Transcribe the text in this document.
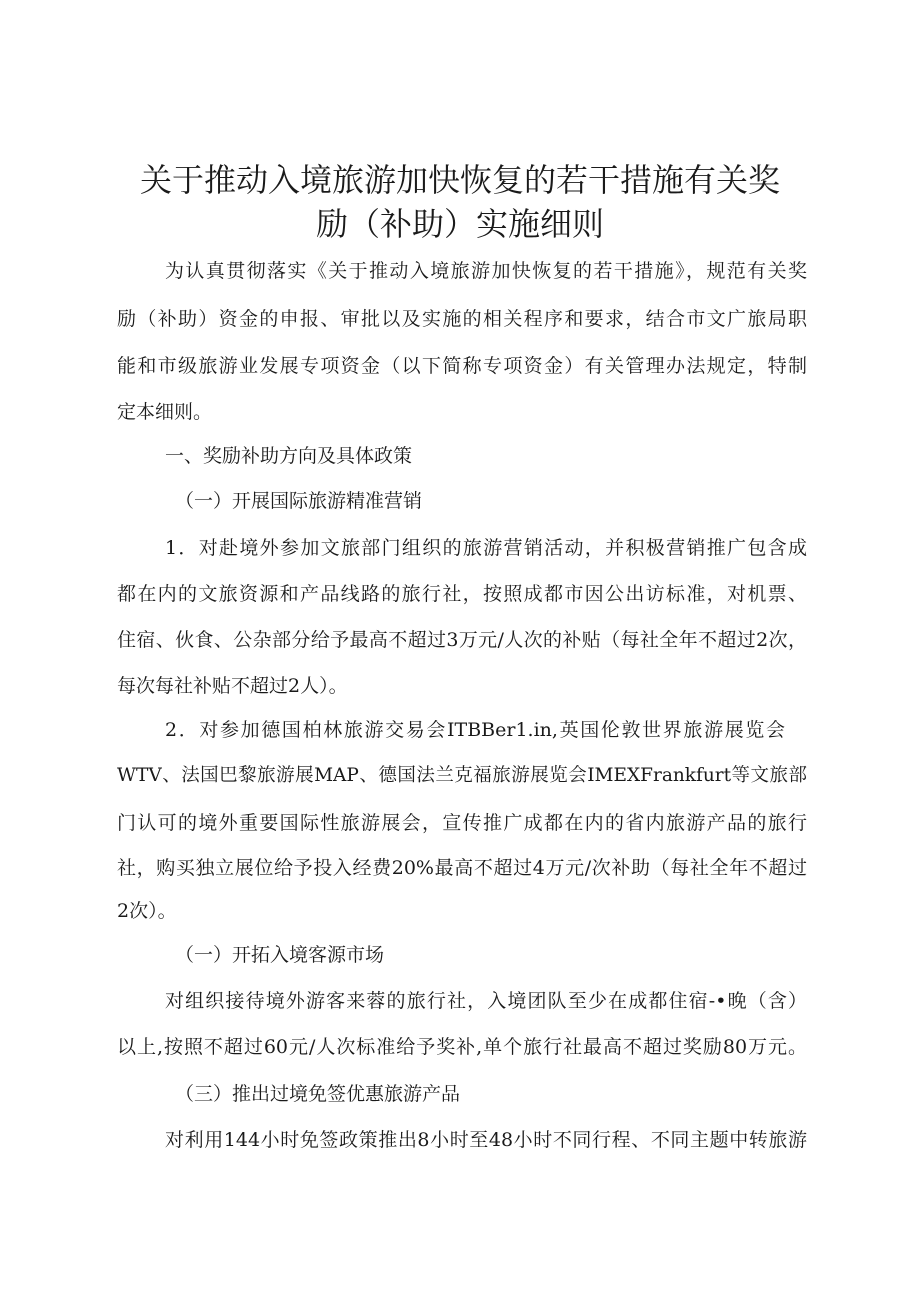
关于推动入境旅游加快恢复的若干措施有关奖
励（补助）实施细则
为认真贯彻落实《关于推动入境旅游加快恢复的若干措施》，规范有关奖
励（补助）资金的申报、审批以及实施的相关程序和要求，结合市文广旅局职
能和市级旅游业发展专项资金（以下简称专项资金）有关管理办法规定，特制
定本细则。
一、奖励补助方向及具体政策
（一）开展国际旅游精准营销
1．对赴境外参加文旅部门组织的旅游营销活动，并积极营销推广包含成
都在内的文旅资源和产品线路的旅行社，按照成都市因公出访标准，对机票、
住宿、伙食、公杂部分给予最高不超过3万元/人次的补贴（每社全年不超过2次，
每次每社补贴不超过2人）。
2．对参加德国柏林旅游交易会ITBBer1.in,英国伦敦世界旅游展览会
WTV、法国巴黎旅游展MAP、德国法兰克福旅游展览会IMEXFrankfurt等文旅部
门认可的境外重要国际性旅游展会，宣传推广成都在内的省内旅游产品的旅行
社，购买独立展位给予投入经费20%最高不超过4万元/次补助（每社全年不超过
2次）。
（一）开拓入境客源市场
对组织接待境外游客来蓉的旅行社，入境团队至少在成都住宿-•晚（含）
以上,按照不超过60元/人次标准给予奖补,单个旅行社最高不超过奖励80万元。
（三）推出过境免签优惠旅游产品
对利用144小时免签政策推出8小时至48小时不同行程、不同主题中转旅游
